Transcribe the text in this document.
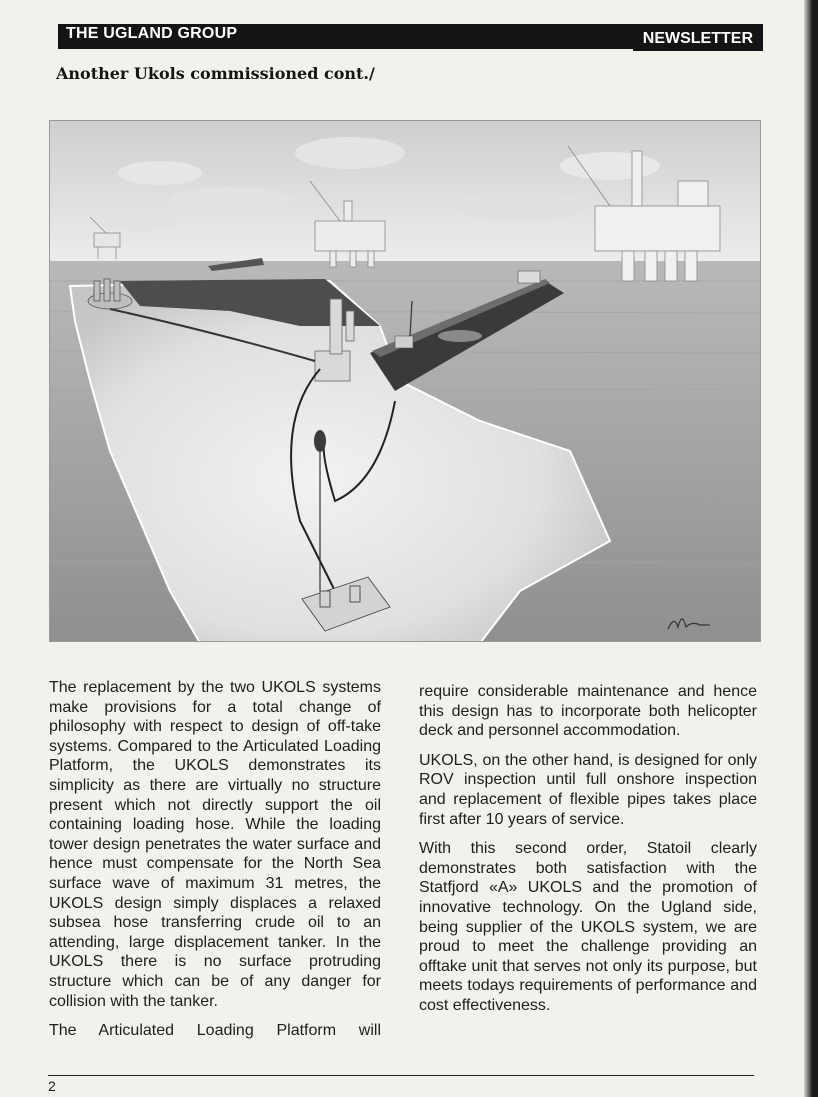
THE UGLAND GROUP	NEWSLETTER
Another Ukols commissioned cont./

The replacement by the two UKOLS systems make provisions for a total change of philosophy with respect to design of off-take systems. Compared to the Articulated Loading Platform, the UKOLS demonstrates its simplicity as there are virtually no structure present which not directly support the oil containing loading hose. While the loading tower design penetrates the water surface and hence must compensate for the North Sea surface wave of maximum 31 metres, the UKOLS design simply displaces a relaxed subsea hose transferring crude oil to an attending, large displacement tanker. In the UKOLS there is no surface protruding structure which can be of any danger for collision with the tanker.

The Articulated Loading Platform will

require considerable maintenance and hence this design has to incorporate both helicopter deck and personnel accommodation.

UKOLS, on the other hand, is designed for only ROV inspection until full onshore inspection and replacement of flexible pipes takes place first after 10 years of service.

With this second order, Statoil clearly demonstrates both satisfaction with the Statfjord «A» UKOLS and the promotion of innovative technology. On the Ugland side, being supplier of the UKOLS system, we are proud to meet the challenge providing an offtake unit that serves not only its purpose, but meets todays requirements of performance and cost effectiveness.

2
